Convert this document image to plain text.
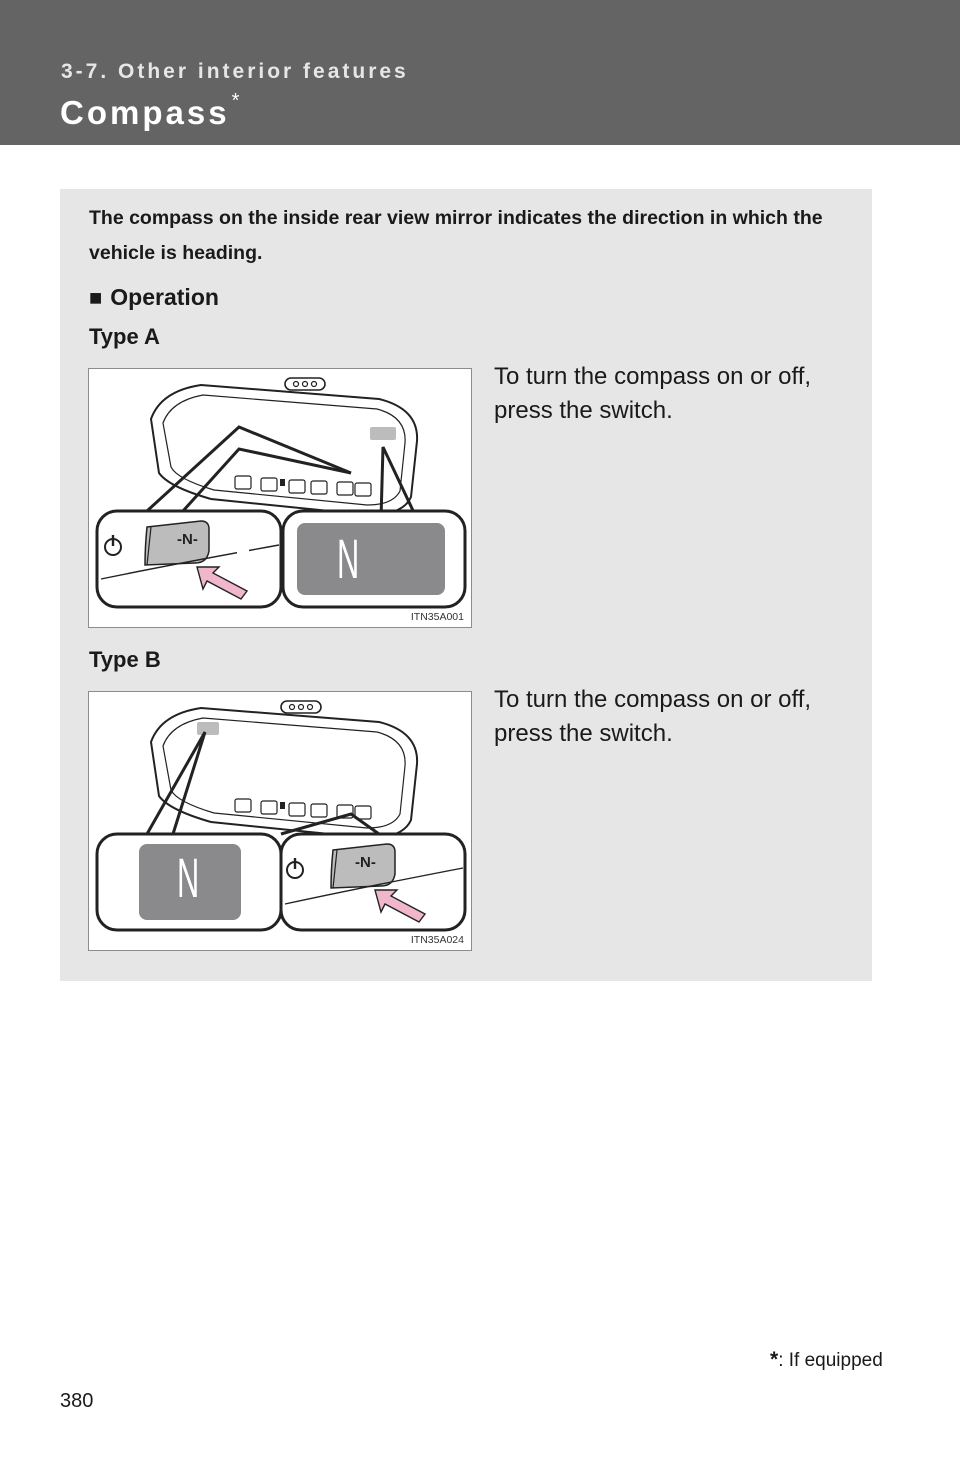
3-7. Other interior features
Compass *
The compass on the inside rear view mirror indicates the direction in which the vehicle is heading.
■ Operation
Type A
-N- N
ITN35A001
To turn the compass on or off, press the switch.
Type B
N	-N-
ITN35A024
To turn the compass on or off, press the switch.
*: If equipped
380
